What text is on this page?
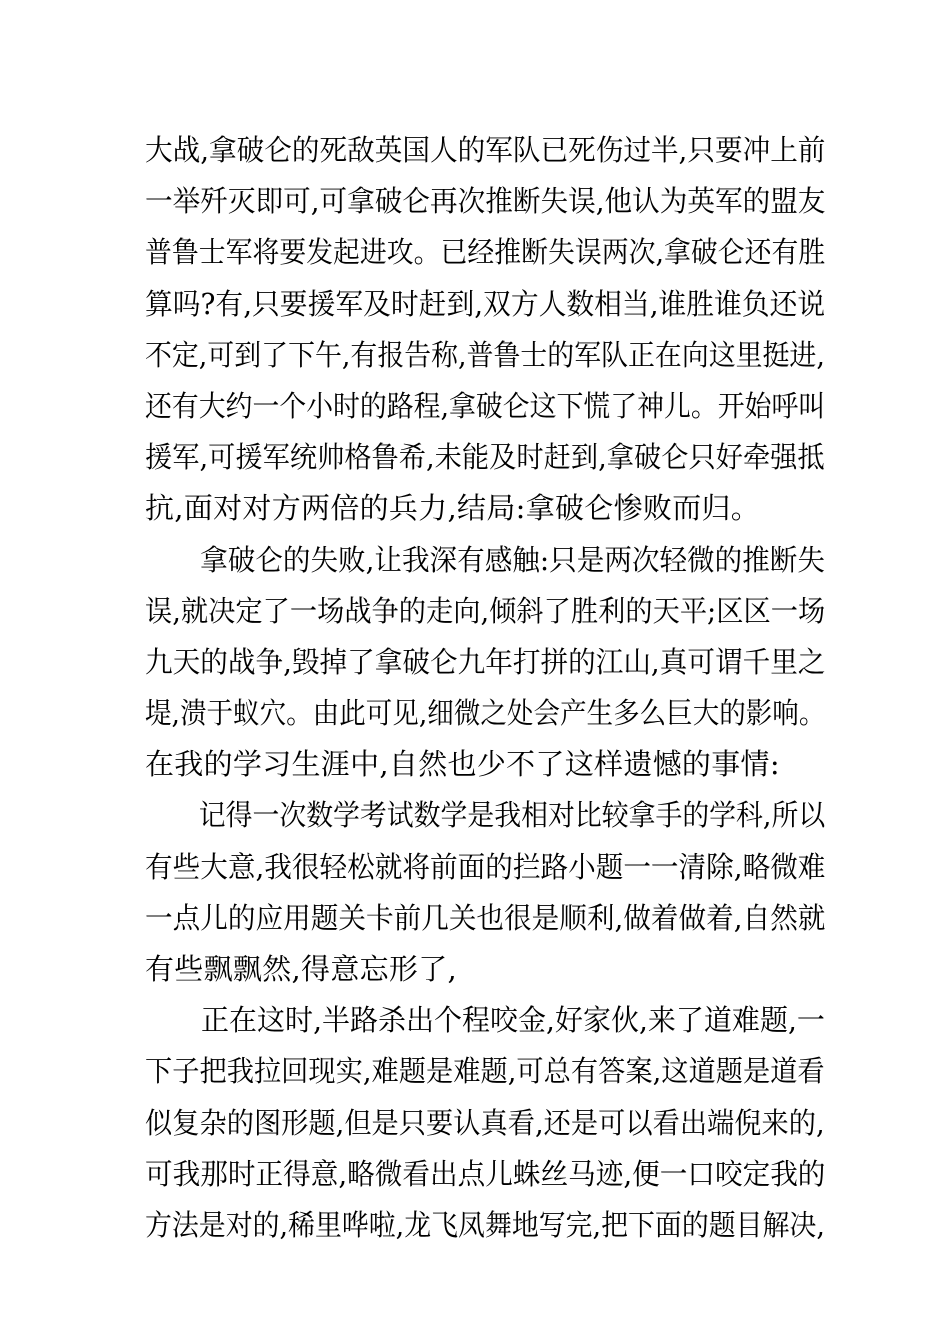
大战,拿破仑的死敌英国人的军队已死伤过半,只要冲上前
一举歼灭即可,可拿破仑再次推断失误,他认为英军的盟友
普鲁士军将要发起进攻。已经推断失误两次,拿破仑还有胜
算吗?有,只要援军及时赶到,双方人数相当,谁胜谁负还说
不定,可到了下午,有报告称,普鲁士的军队正在向这里挺进,
还有大约一个小时的路程,拿破仑这下慌了神儿。开始呼叫
援军,可援军统帅格鲁希,未能及时赶到,拿破仑只好牵强抵
抗,面对对方两倍的兵力,结局:拿破仑惨败而归。
　　拿破仑的失败,让我深有感触:只是两次轻微的推断失
误,就决定了一场战争的走向,倾斜了胜利的天平;区区一场
九天的战争,毁掉了拿破仑九年打拼的江山,真可谓千里之
堤,溃于蚁穴。由此可见,细微之处会产生多么巨大的影响。
在我的学习生涯中,自然也少不了这样遗憾的事情:
　　记得一次数学考试数学是我相对比较拿手的学科,所以
有些大意,我很轻松就将前面的拦路小题一一清除,略微难
一点儿的应用题关卡前几关也很是顺利,做着做着,自然就
有些飘飘然,得意忘形了,
　　正在这时,半路杀出个程咬金,好家伙,来了道难题,一
下子把我拉回现实,难题是难题,可总有答案,这道题是道看
似复杂的图形题,但是只要认真看,还是可以看出端倪来的,
可我那时正得意,略微看出点儿蛛丝马迹,便一口咬定我的
方法是对的,稀里哗啦,龙飞凤舞地写完,把下面的题目解决,
